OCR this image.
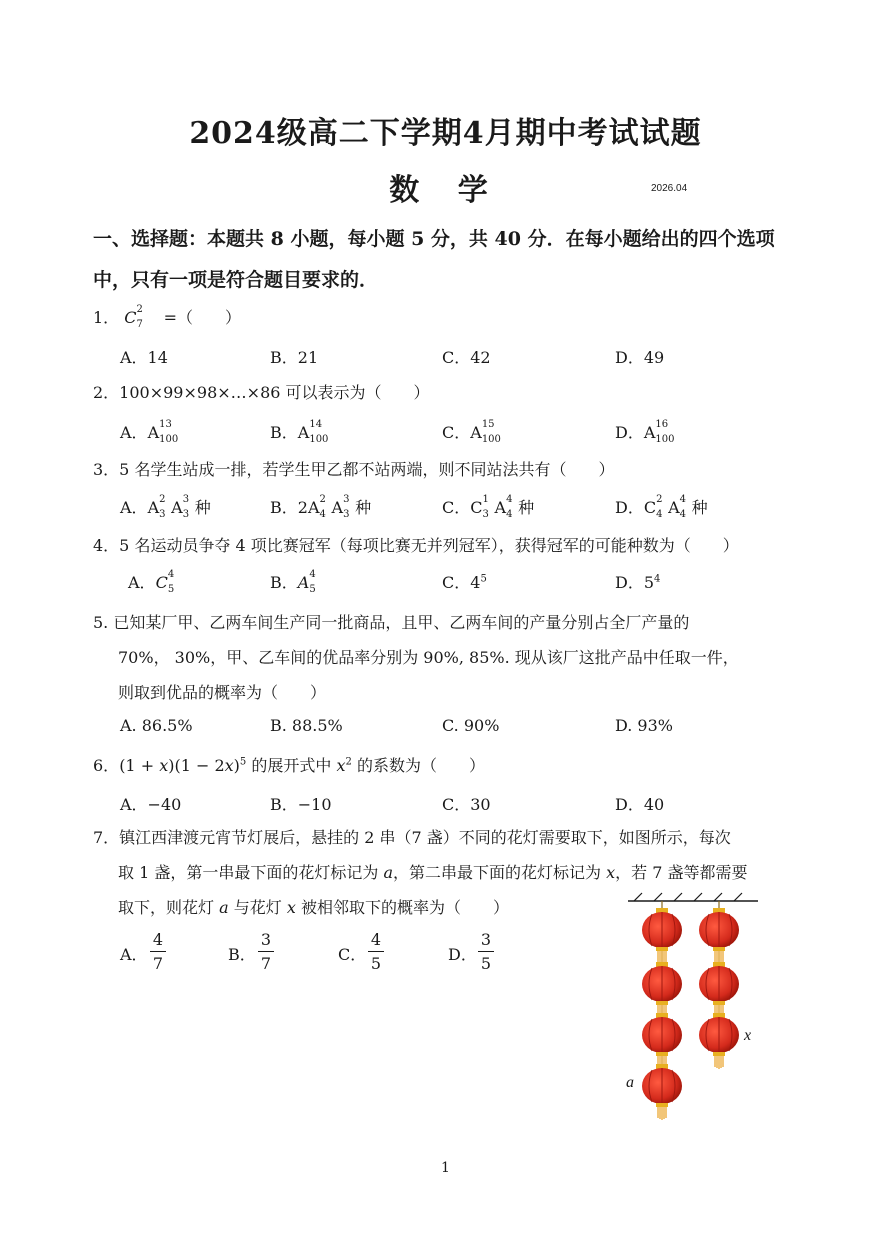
2024级高二下学期4月期中考试试题
数 学	2026.04
一、选择题：本题共 8 小题，每小题 5 分，共 40 分．在每小题给出的四个选项
中，只有一项是符合题目要求的．
1． C 2
7 =（　　）
A．14	B．21	C．42	D．49
2．100×99×98×…×86 可以表示为（　　）
A．A 13
100	B．A 14
100	C．A 15
100	D．A 16
100
3．5 名学生站成一排，若学生甲乙都不站两端，则不同站法共有（　　）
A．A 2
3 A 3
3 种	B．2A 2
4 A 3
3 种	C．C 1
3 A 4
4 种	D．C 2
4 A 4
4 种
4．5 名运动员争夺 4 项比赛冠军（每项比赛无并列冠军），获得冠军的可能种数为（　　）
A．C 4
5	B．A 4
5	C．$4^5$	D．$5^4$
5. 已知某厂甲、乙两车间生产同一批商品，且甲、乙两车间的产量分别占全厂产量的
70%， 30%，甲、乙车间的优品率分别为 90%, 85%. 现从该厂这批产品中任取一件，
则取到优品的概率为（　　）
A. 86.5%	B. 88.5%	C. 90%	D. 93%
6．$(1 + x)(1 - 2x)^5$ 的展开式中 $x^2$ 的系数为（　　）
A．−40	B．−10	C．30	D．40
7．镇江西津渡元宵节灯展后，悬挂的 2 串（7 盏）不同的花灯需要取下，如图所示，每次
取 1 盏，第一串最下面的花灯标记为 a，第二串最下面的花灯标记为 x，若 7 盏等都需要
取下，则花灯 a 与花灯 x 被相邻取下的概率为（　　）
A．
4
7	B．
3
7	C．
4
5	D．
3
5
x
a
1
